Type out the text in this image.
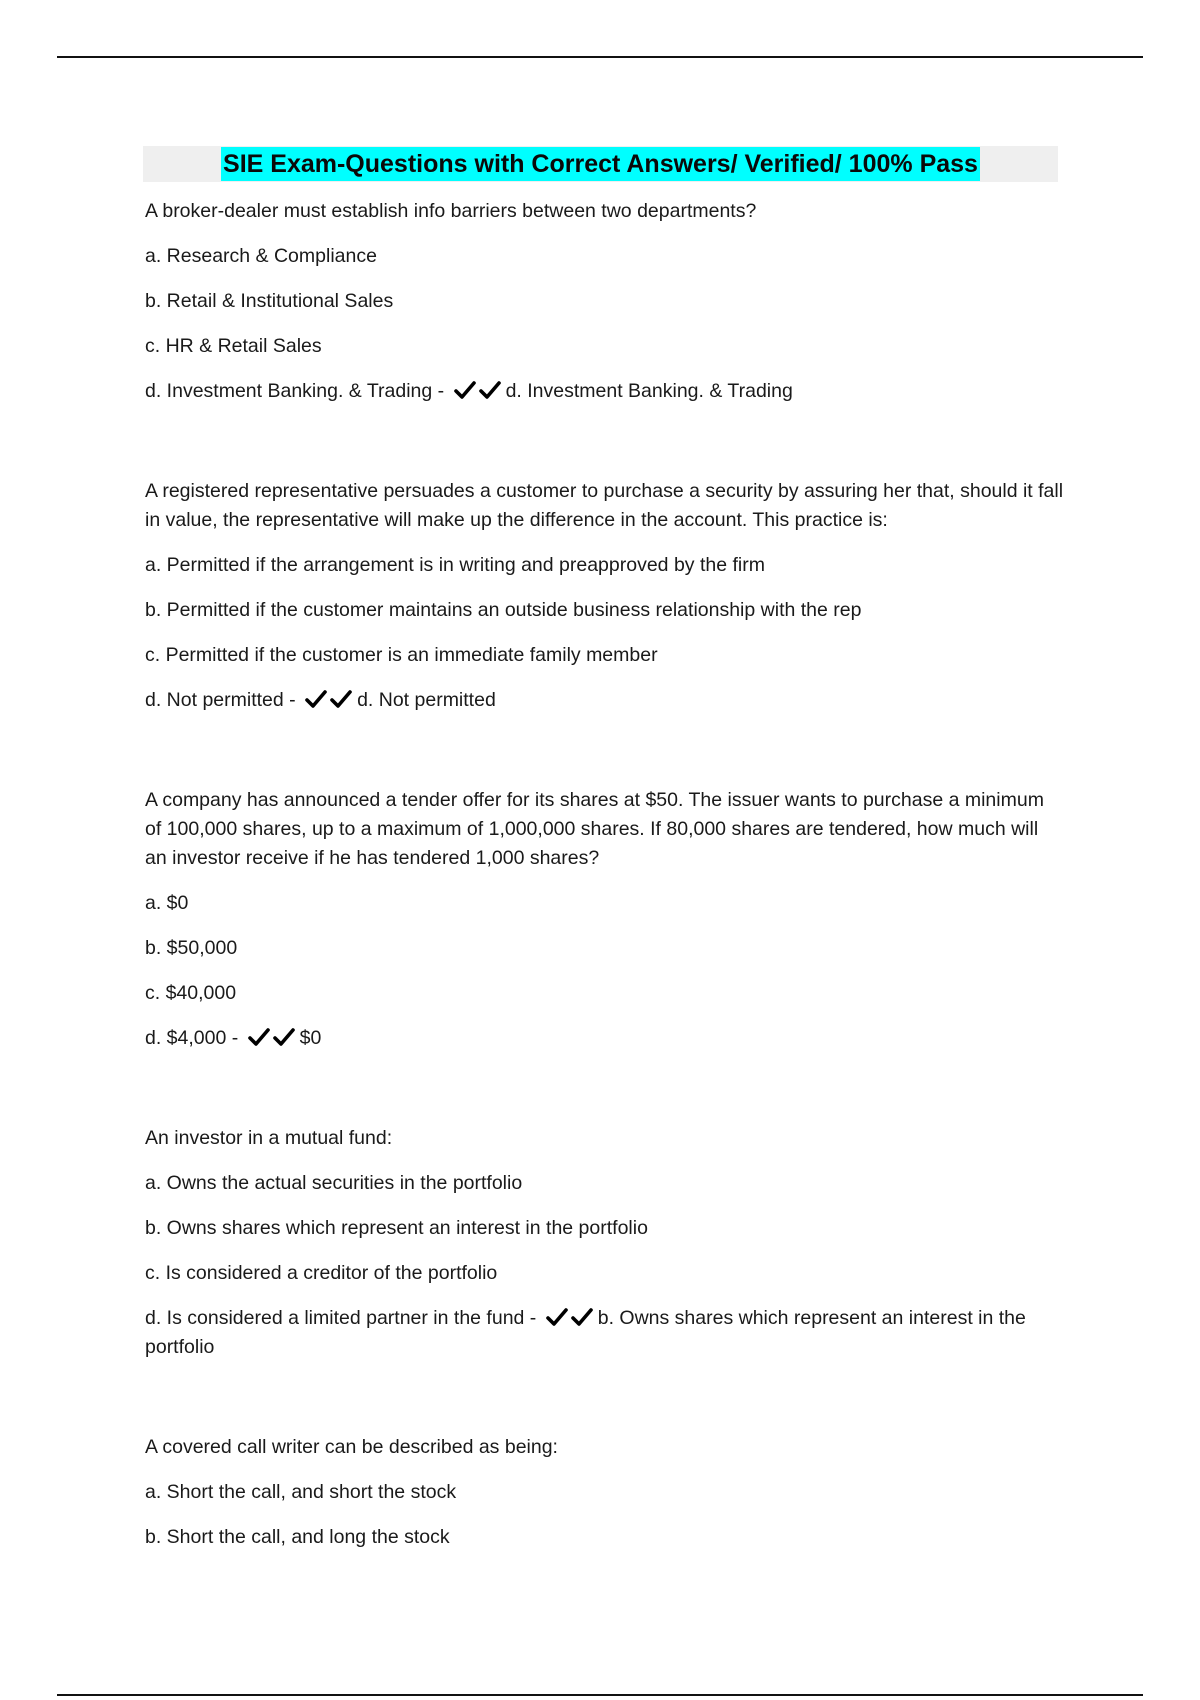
SIE Exam-Questions with Correct Answers/ Verified/ 100% Pass

A broker-dealer must establish info barriers between two departments?

a. Research & Compliance

b. Retail & Institutional Sales

c. HR & Retail Sales

d. Investment Banking. & Trading -	d. Investment Banking. & Trading

A registered representative persuades a customer to purchase a security by assuring her that, should it fall in value, the representative will make up the difference in the account. This practice is:

a. Permitted if the arrangement is in writing and preapproved by the firm

b. Permitted if the customer maintains an outside business relationship with the rep

c. Permitted if the customer is an immediate family member

d. Not permitted -	d. Not permitted

A company has announced a tender offer for its shares at $50. The issuer wants to purchase a minimum of 100,000 shares, up to a maximum of 1,000,000 shares. If 80,000 shares are tendered, how much will an investor receive if he has tendered 1,000 shares?

a. $0

b. $50,000

c. $40,000

d. $4,000 -	$0

An investor in a mutual fund:

a. Owns the actual securities in the portfolio

b. Owns shares which represent an interest in the portfolio

c. Is considered a creditor of the portfolio

d. Is considered a limited partner in the fund -	b. Owns shares which represent an interest in the portfolio

A covered call writer can be described as being:

a. Short the call, and short the stock

b. Short the call, and long the stock
